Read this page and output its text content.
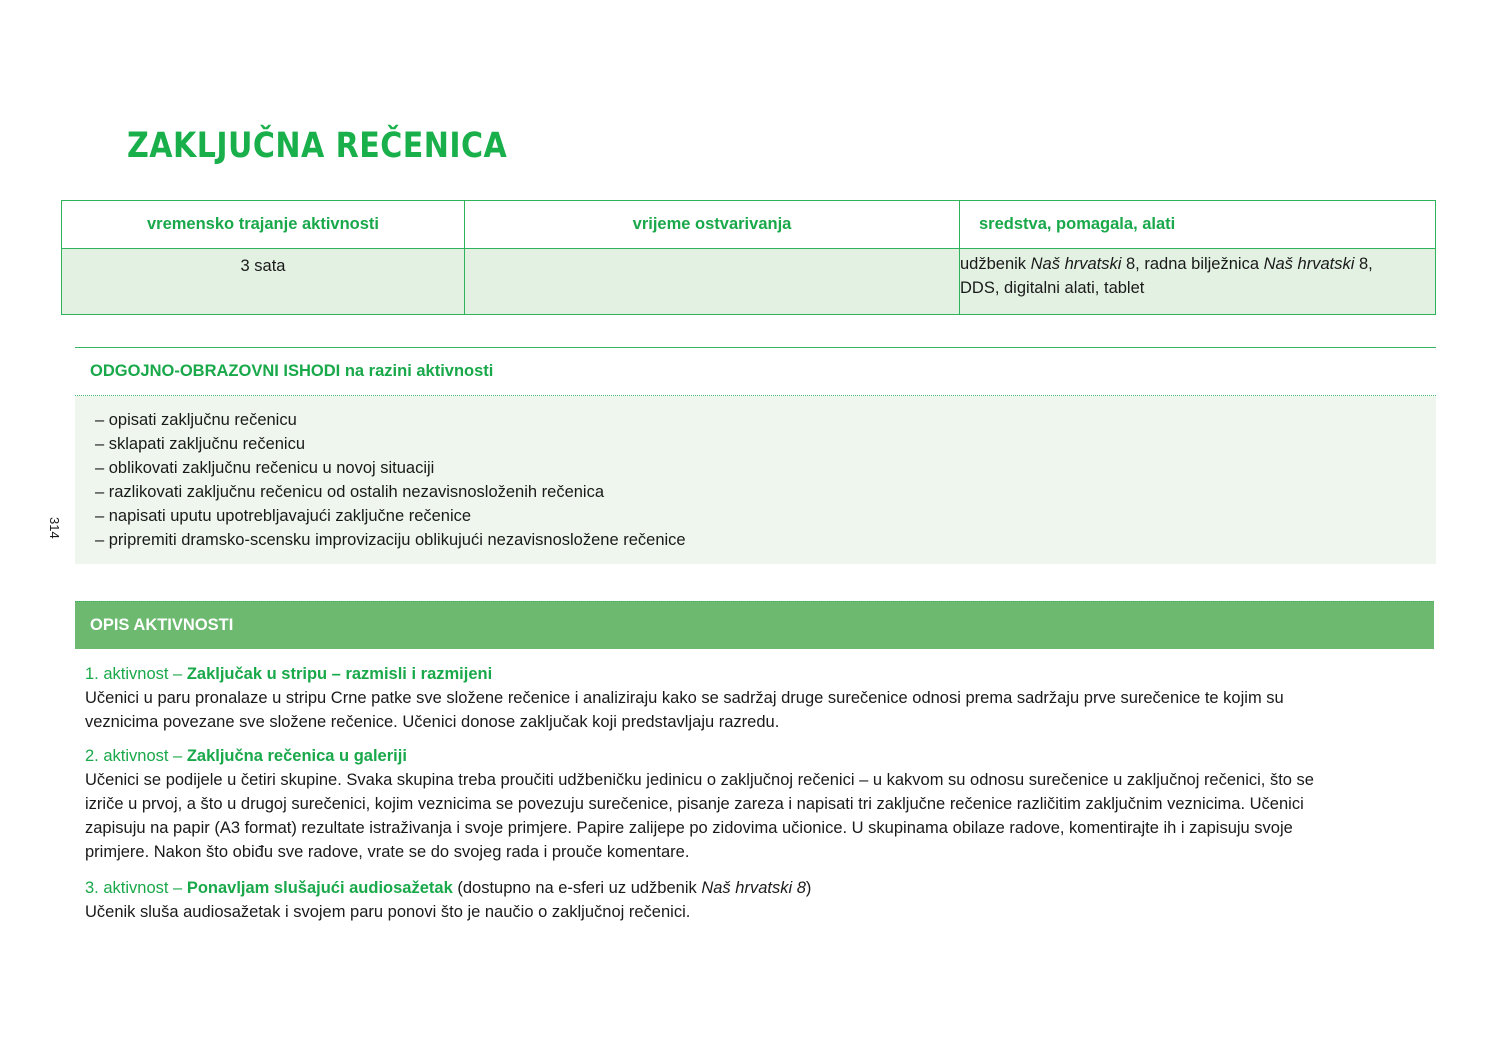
ZAKLJUČNA REČENICA
314
vremensko trajanje aktivnosti	vrijeme ostvarivanja	sredstva, pomagala, alati
3 sata		udžbenik Naš hrvatski 8, radna bilježnica Naš hrvatski 8,
DDS, digitalni alati, tablet
ODGOJNO-OBRAZOVNI ISHODI na razini aktivnosti
– opisati zaključnu rečenicu
– sklapati zaključnu rečenicu
– oblikovati zaključnu rečenicu u novoj situaciji
– razlikovati zaključnu rečenicu od ostalih nezavisnosloženih rečenica
– napisati uputu upotrebljavajući zaključne rečenice
– pripremiti dramsko-scensku improvizaciju oblikujući nezavisnosložene rečenice
OPIS AKTIVNOSTI

1. aktivnost – Zaključak u stripu – razmisli i razmijeni

Učenici u paru pronalaze u stripu Crne patke sve složene rečenice i analiziraju kako se sadržaj druge surečenice odnosi prema sadržaju prve surečenice te kojim su

veznicima povezane sve složene rečenice. Učenici donose zaključak koji predstavljaju razredu.

2. aktivnost – Zaključna rečenica u galeriji

Učenici se podijele u četiri skupine. Svaka skupina treba proučiti udžbeničku jedinicu o zaključnoj rečenici – u kakvom su odnosu surečenice u zaključnoj rečenici, što se

izriče u prvoj, a što u drugoj surečenici, kojim veznicima se povezuju surečenice, pisanje zareza i napisati tri zaključne rečenice različitim zaključnim veznicima. Učenici

zapisuju na papir (A3 format) rezultate istraživanja i svoje primjere. Papire zalijepe po zidovima učionice. U skupinama obilaze radove, komentirajte ih i zapisuju svoje

primjere. Nakon što obiđu sve radove, vrate se do svojeg rada i prouče komentare.

3. aktivnost – Ponavljam slušajući audiosažetak (dostupno na e-sferi uz udžbenik Naš hrvatski 8)

Učenik sluša audiosažetak i svojem paru ponovi što je naučio o zaključnoj rečenici.
